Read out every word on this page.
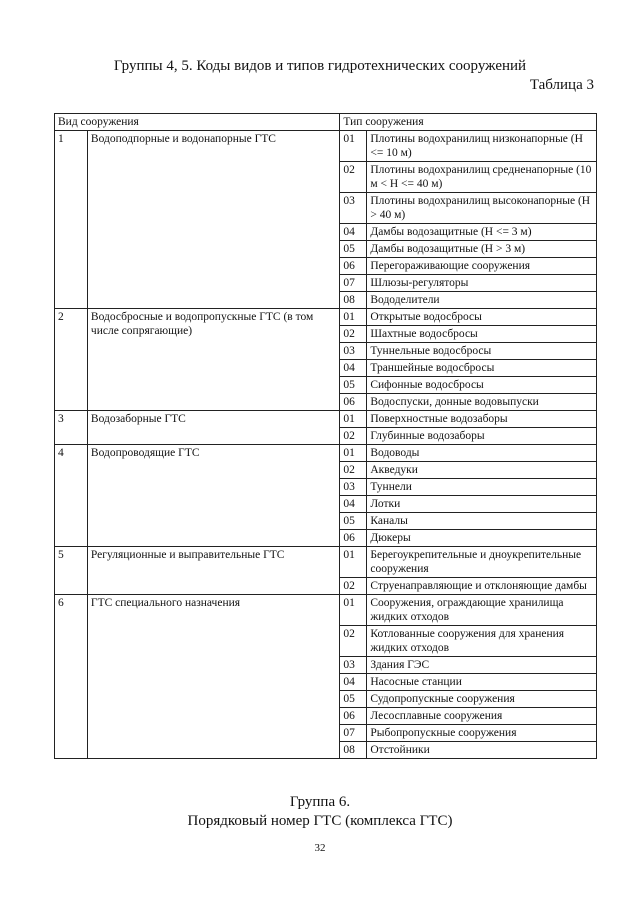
Группы 4, 5. Коды видов и типов гидротехнических сооружений
Таблица 3
Вид сооружения		Тип сооружения	
1	Водоподпорные и водонапорные ГТС	01	Плотины водохранилищ низконапорные (H <= 10 м)
		02	Плотины водохранилищ средненапорные (10 м < H <= 40 м)
		03	Плотины водохранилищ высоконапорные (H > 40 м)
		04	Дамбы водозащитные (H <= 3 м)
		05	Дамбы водозащитные (H > 3 м)
		06	Перегораживающие сооружения
		07	Шлюзы-регуляторы
		08	Вододелители
2	Водосбросные и водопропускные ГТС (в том числе сопрягающие)	01	Открытые водосбросы
		02	Шахтные водосбросы
		03	Туннельные водосбросы
		04	Траншейные водосбросы
		05	Сифонные водосбросы
		06	Водоспуски, донные водовыпуски
3	Водозаборные ГТС	01	Поверхностные водозаборы
		02	Глубинные водозаборы
4	Водопроводящие ГТС	01	Водоводы
		02	Акведуки
		03	Туннели
		04	Лотки
		05	Каналы
		06	Дюкеры
5	Регуляционные и выправительные ГТС	01	Берегоукрепительные и дноукрепительные сооружения
		02	Струенаправляющие и отклоняющие дамбы
6	ГТС специального назначения	01	Сооружения, ограждающие хранилища жидких отходов
		02	Котлованные сооружения для хранения жидких отходов
		03	Здания ГЭС
		04	Насосные станции
		05	Судопропускные сооружения
		06	Лесосплавные сооружения
		07	Рыбопропускные сооружения
		08	Отстойники
Группа 6.
Порядковый номер ГТС (комплекса ГТС)
32
